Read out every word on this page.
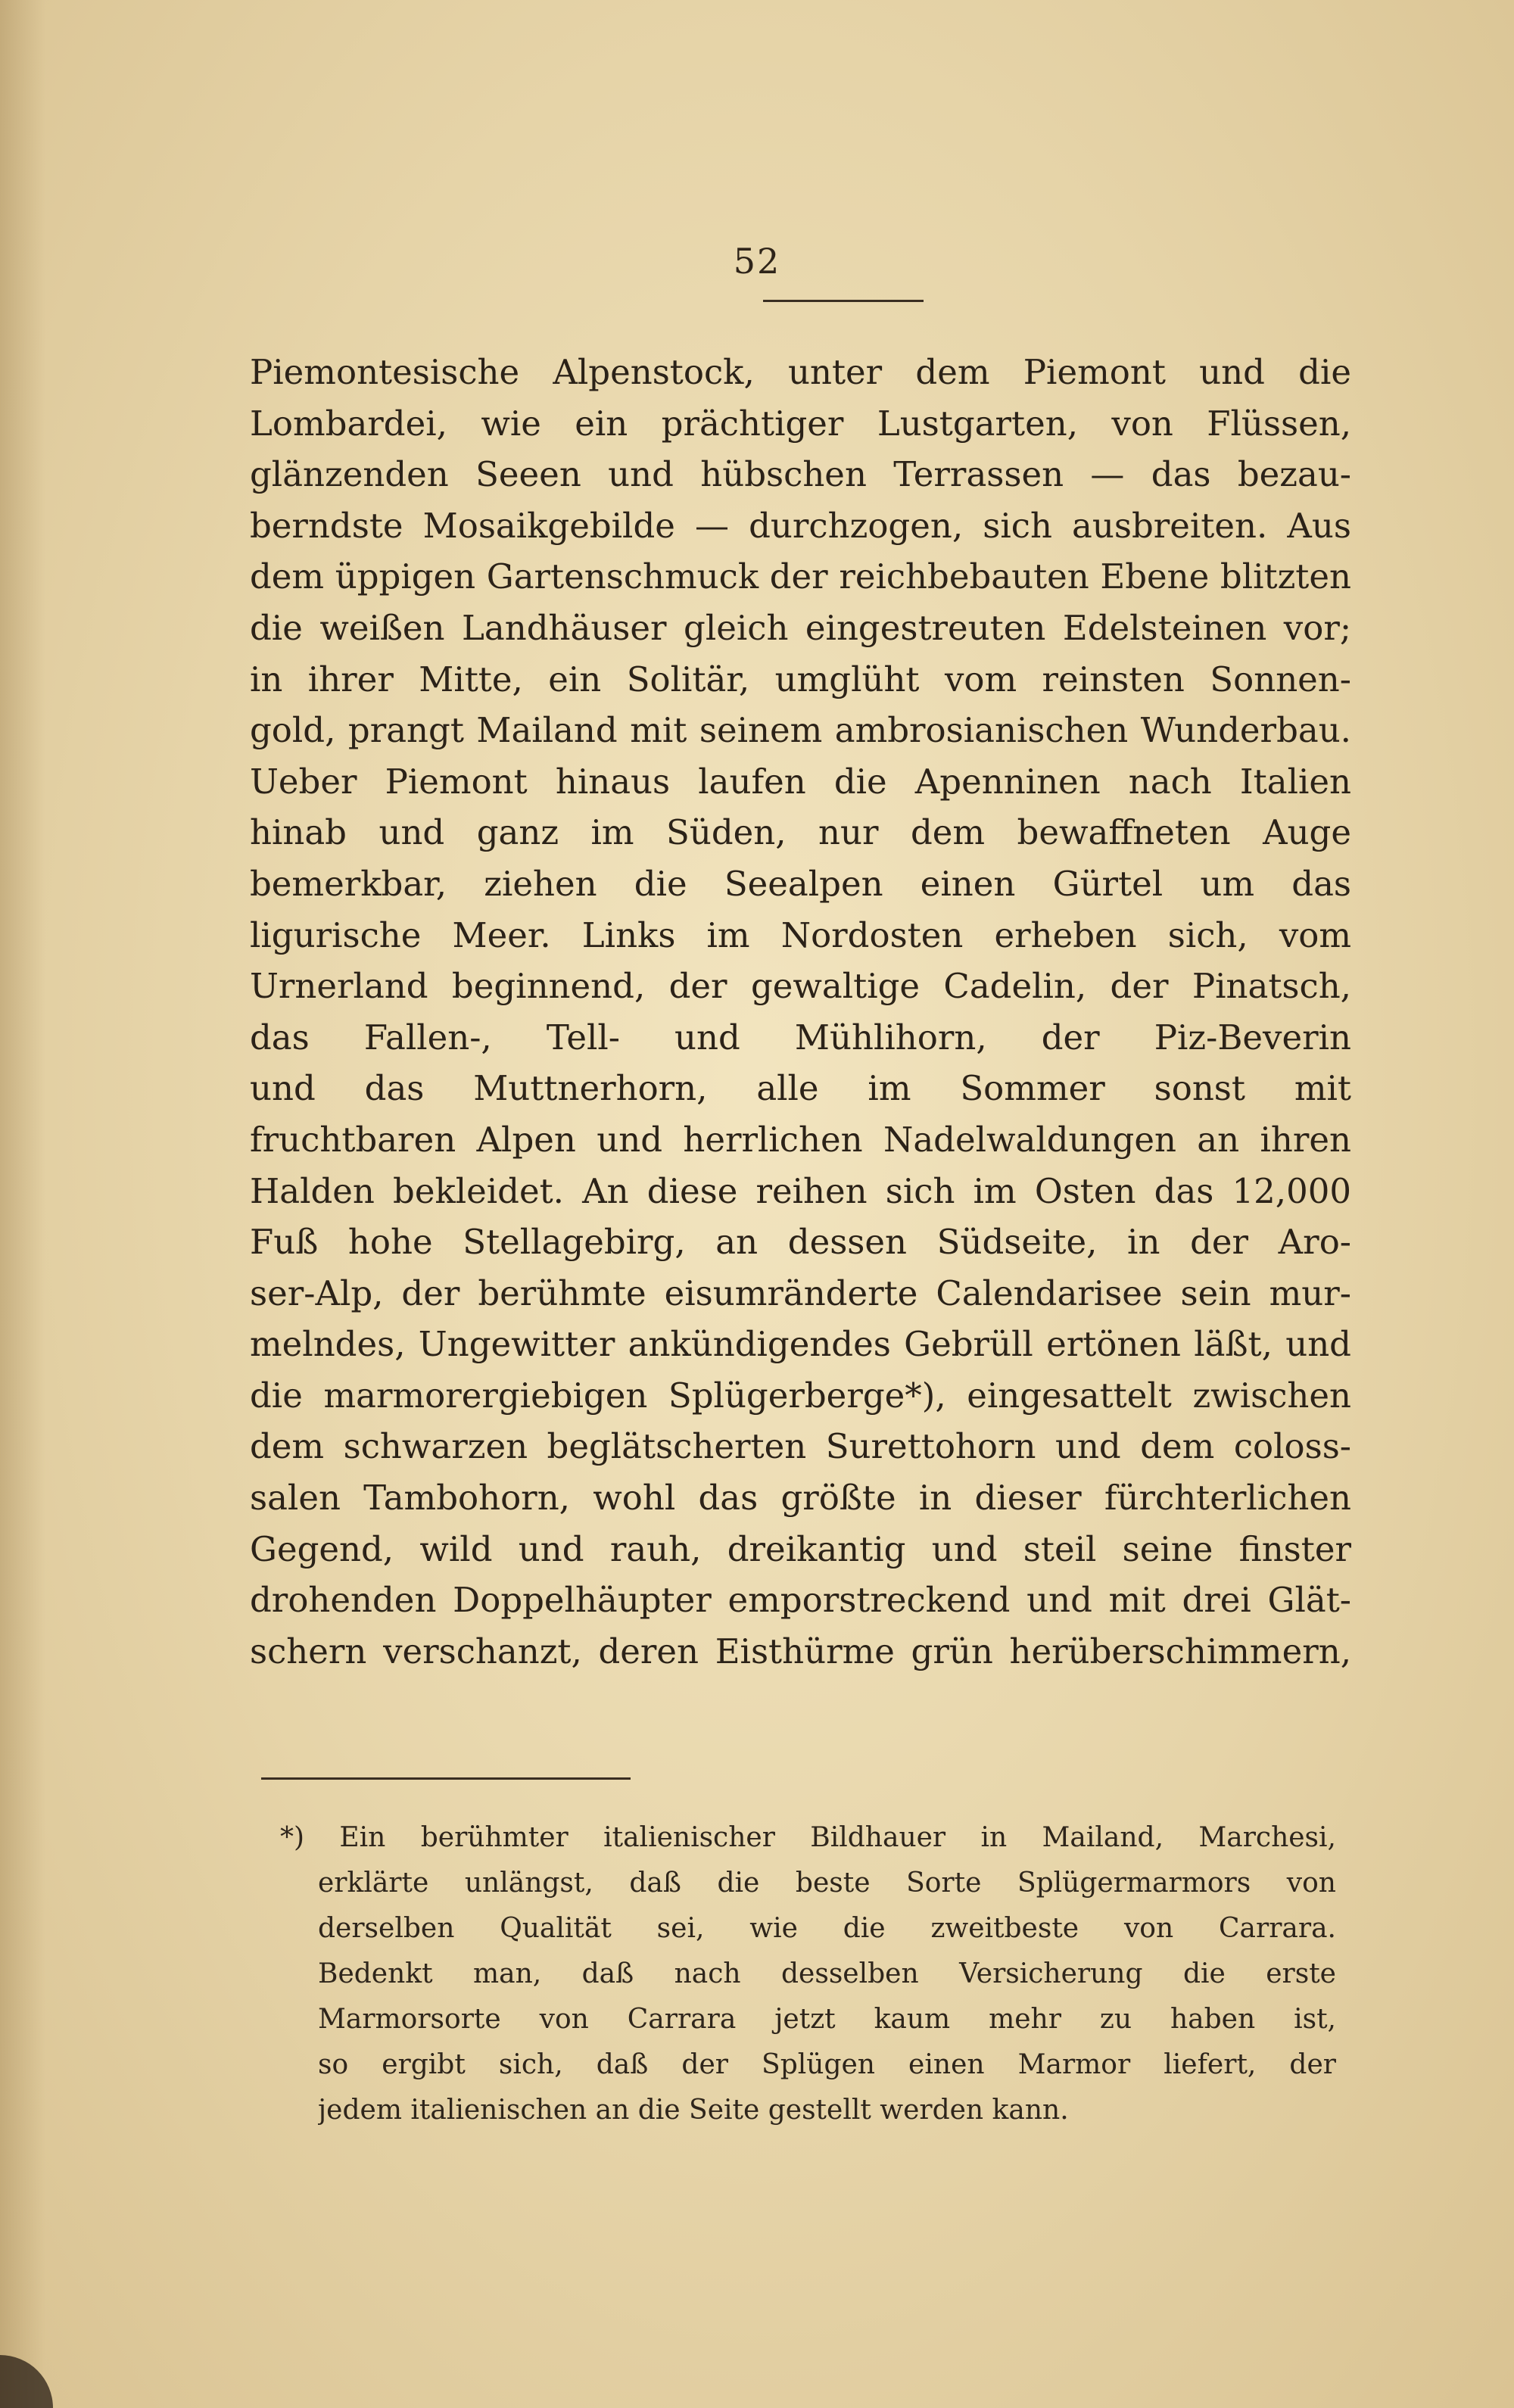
52
Piemontesische Alpenstock, unter dem Piemont und die
Lombardei, wie ein prächtiger Lustgarten, von Flüssen,
glänzenden Seeen und hübschen Terrassen — das bezau-
berndste Mosaikgebilde — durchzogen, sich ausbreiten. Aus
dem üppigen Gartenschmuck der reichbebauten Ebene blitzten
die weißen Landhäuser gleich eingestreuten Edelsteinen vor;
in ihrer Mitte, ein Solitär, umglüht vom reinsten Sonnen-
gold, prangt Mailand mit seinem ambrosianischen Wunderbau.
Ueber Piemont hinaus laufen die Apenninen nach Italien
hinab und ganz im Süden, nur dem bewaffneten Auge
bemerkbar, ziehen die Seealpen einen Gürtel um das
ligurische Meer. Links im Nordosten erheben sich, vom
Urnerland beginnend, der gewaltige Cadelin, der Pinatsch,
das Fallen-, Tell- und Mühlihorn, der Piz-Beverin
und das Muttnerhorn, alle im Sommer sonst mit
fruchtbaren Alpen und herrlichen Nadelwaldungen an ihren
Halden bekleidet. An diese reihen sich im Osten das 12,000
Fuß hohe Stellagebirg, an dessen Südseite, in der Aro-
ser-Alp, der berühmte eisumränderte Calendarisee sein mur-
melndes, Ungewitter ankündigendes Gebrüll ertönen läßt, und
die marmorergiebigen Splügerberge*), eingesattelt zwischen
dem schwarzen beglätscherten Surettohorn und dem coloss-
salen Tambohorn, wohl das größte in dieser fürchterlichen
Gegend, wild und rauh, dreikantig und steil seine finster
drohenden Doppelhäupter emporstreckend und mit drei Glät-
schern verschanzt, deren Eisthürme grün herüberschimmern,
*) Ein berühmter italienischer Bildhauer in Mailand, Marchesi,
erklärte unlängst, daß die beste Sorte Splügermarmors von
derselben Qualität sei, wie die zweitbeste von Carrara.
Bedenkt man, daß nach desselben Versicherung die erste
Marmorsorte von Carrara jetzt kaum mehr zu haben ist,
so ergibt sich, daß der Splügen einen Marmor liefert, der
jedem italienischen an die Seite gestellt werden kann.
